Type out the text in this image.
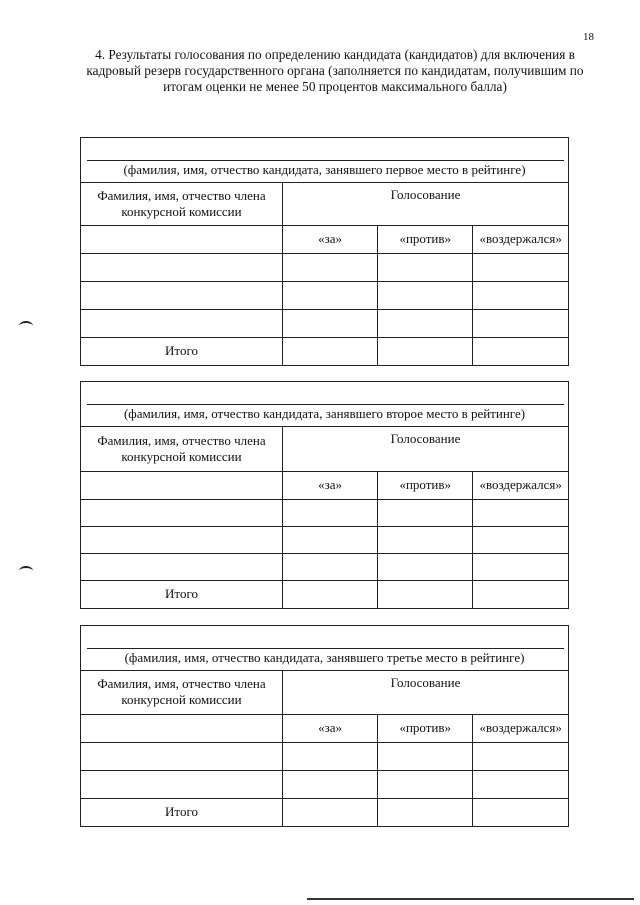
18
4. Результаты голосования по определению кандидата (кандидатов) для включения в кадровый резерв государственного органа (заполняется по кандидатам, получившим по итогам оценки не менее 50 процентов максимального балла)
(фамилия, имя, отчество кандидата, занявшего первое место в рейтинге)
Фамилия, имя, отчество члена конкурсной комиссии	Голосование		
	«за»	«против»	«воздержался»

Итого			
(фамилия, имя, отчество кандидата, занявшего второе место в рейтинге)
Фамилия, имя, отчество члена конкурсной комиссии	Голосование		
	«за»	«против»	«воздержался»

Итого			
(фамилия, имя, отчество кандидата, занявшего третье место в рейтинге)
Фамилия, имя, отчество члена конкурсной комиссии	Голосование		
	«за»	«против»	«воздержался»

Итого			
